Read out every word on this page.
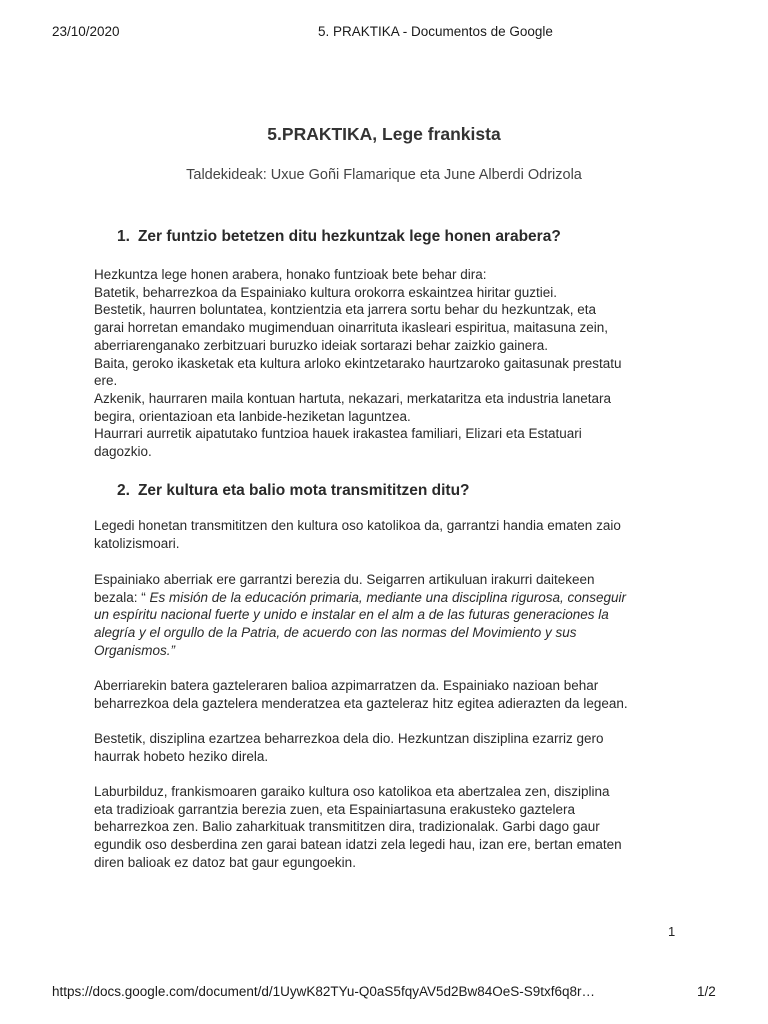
23/10/2020	5. PRAKTIKA - Documentos de Google
5.PRAKTIKA, Lege frankista
Taldekideak: Uxue Goñi Flamarique eta June Alberdi Odrizola
1. Zer funtzio betetzen ditu hezkuntzak lege honen arabera?
Hezkuntza lege honen arabera, honako funtzioak bete behar dira:
Batetik, beharrezkoa da Espainiako kultura orokorra eskaintzea hiritar guztiei.
Bestetik, haurren boluntatea, kontzientzia eta jarrera sortu behar du hezkuntzak, eta
garai horretan emandako mugimenduan oinarrituta ikasleari espiritua, maitasuna zein,
aberriarenganako zerbitzuari buruzko ideiak sortarazi behar zaizkio gainera.
Baita, geroko ikasketak eta kultura arloko ekintzetarako haurtzaroko gaitasunak prestatu
ere.
Azkenik, haurraren maila kontuan hartuta, nekazari, merkataritza eta industria lanetara
begira, orientazioan eta lanbide-heziketan laguntzea.
Haurrari aurretik aipatutako funtzioa hauek irakastea familiari, Elizari eta Estatuari
dagozkio.
2. Zer kultura eta balio mota transmititzen ditu?
Legedi honetan transmititzen den kultura oso katolikoa da, garrantzi handia ematen zaio
katolizismoari.
Espainiako aberriak ere garrantzi berezia du. Seigarren artikuluan irakurri daitekeen
bezala: “ Es misión de la educación primaria, mediante una disciplina rigurosa, conseguir
un espíritu nacional fuerte y unido e instalar en el alm a de las futuras generaciones la
alegría y el orgullo de la Patria, de acuerdo con las normas del Movimiento y sus
Organismos.”
Aberriarekin batera gazteleraren balioa azpimarratzen da. Espainiako nazioan behar
beharrezkoa dela gaztelera menderatzea eta gazteleraz hitz egitea adierazten da legean.
Bestetik, disziplina ezartzea beharrezkoa dela dio. Hezkuntzan disziplina ezarriz gero
haurrak hobeto heziko direla.
Laburbilduz, frankismoaren garaiko kultura oso katolikoa eta abertzalea zen, disziplina
eta tradizioak garrantzia berezia zuen, eta Espainiartasuna erakusteko gaztelera
beharrezkoa zen. Balio zaharkituak transmititzen dira, tradizionalak. Garbi dago gaur
egundik oso desberdina zen garai batean idatzi zela legedi hau, izan ere, bertan ematen
diren balioak ez datoz bat gaur egungoekin.
1
https://docs.google.com/document/d/1UywK82TYu-Q0aS5fqyAV5d2Bw84OeS-S9txf6q8r…	1/2
